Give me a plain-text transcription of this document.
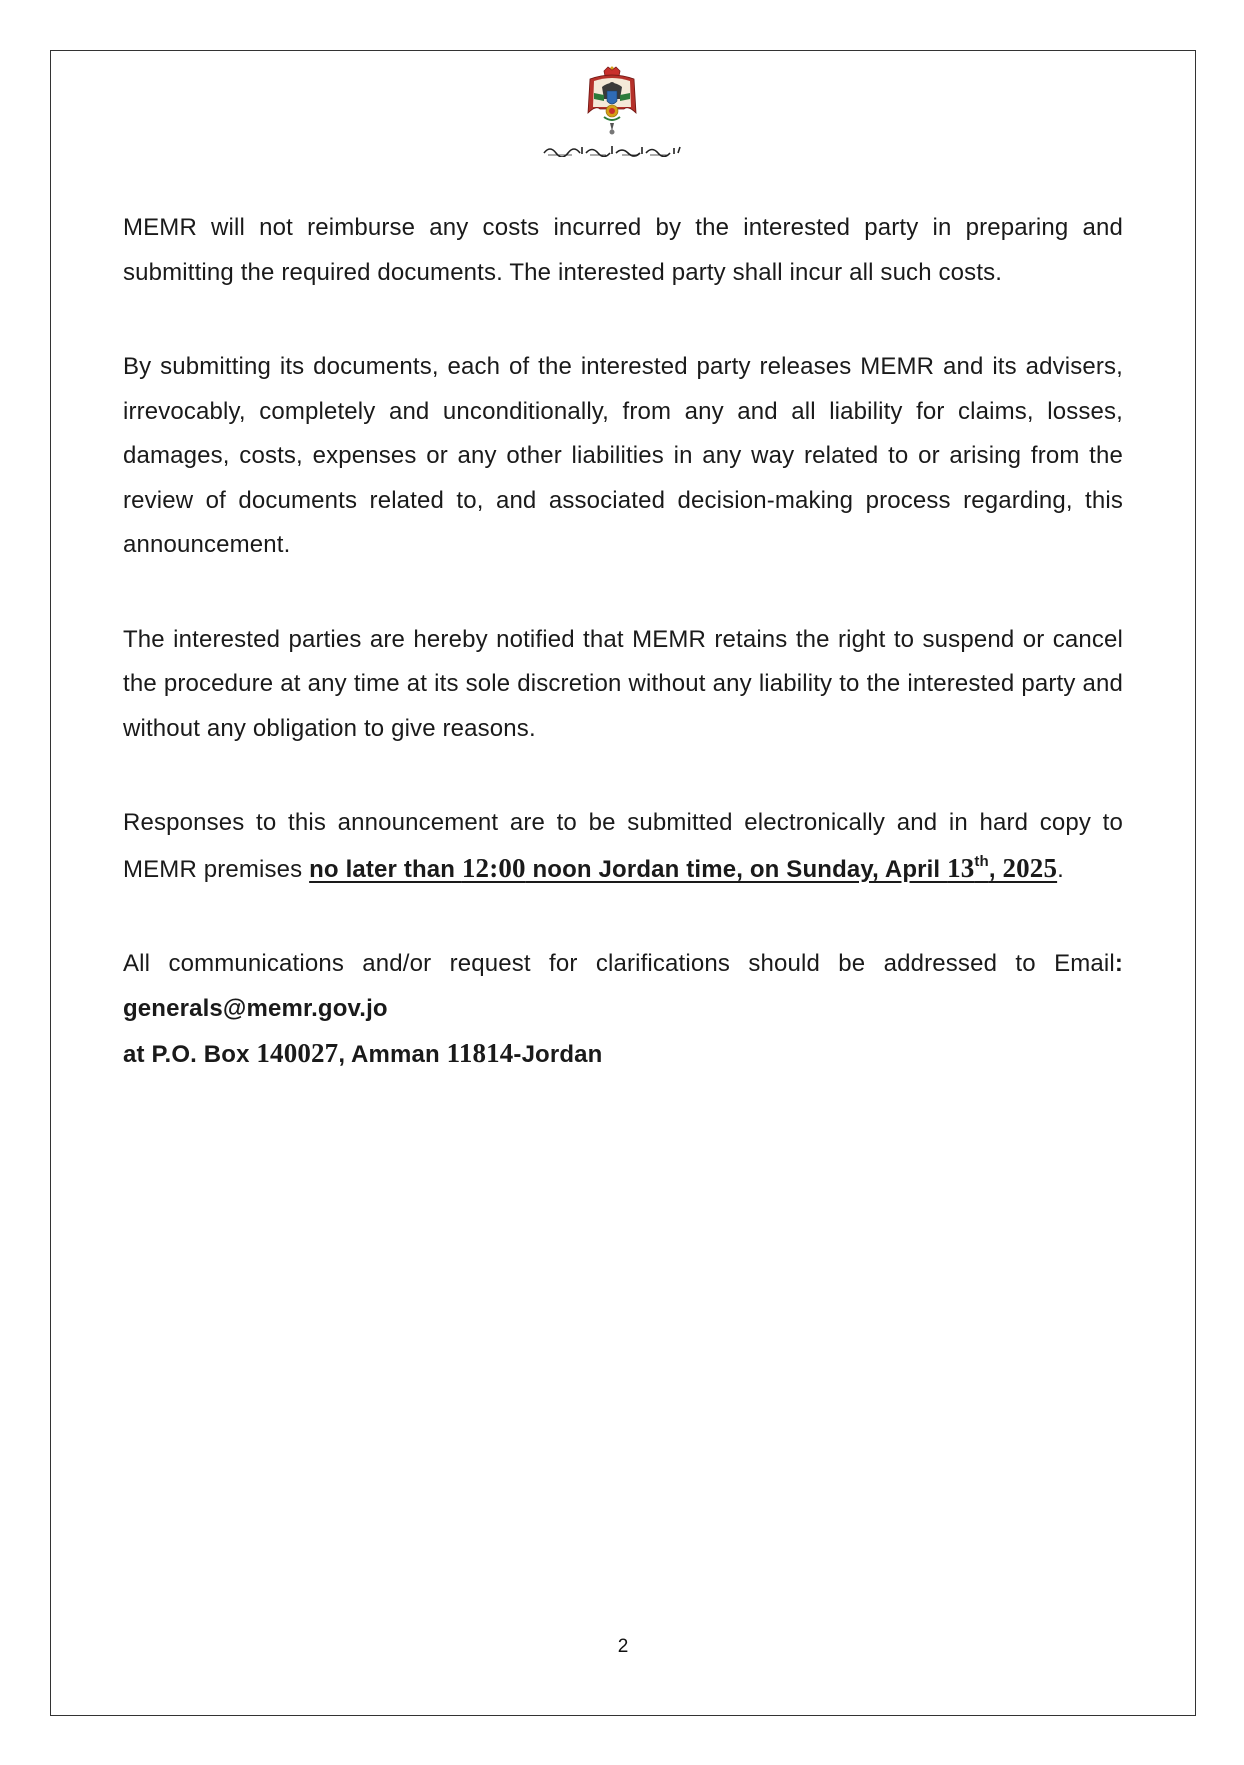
MEMR will not reimburse any costs incurred by the interested party in preparing and submitting the required documents. The interested party shall incur all such costs.

By submitting its documents, each of the interested party releases MEMR and its advisers, irrevocably, completely and unconditionally, from any and all liability for claims, losses, damages, costs, expenses or any other liabilities in any way related to or arising from the review of documents related to, and associated decision-making process regarding, this announcement.

The interested parties are hereby notified that MEMR retains the right to suspend or cancel the procedure at any time at its sole discretion without any liability to the interested party and without any obligation to give reasons.

Responses to this announcement are to be submitted electronically and in hard copy to MEMR premises no later than 12:00 noon Jordan time, on Sunday, April 13th, 2025.

All communications and/or request for clarifications should be addressed to Email: generals@memr.gov.jo

at P.O. Box 140027, Amman 11814-Jordan

2
